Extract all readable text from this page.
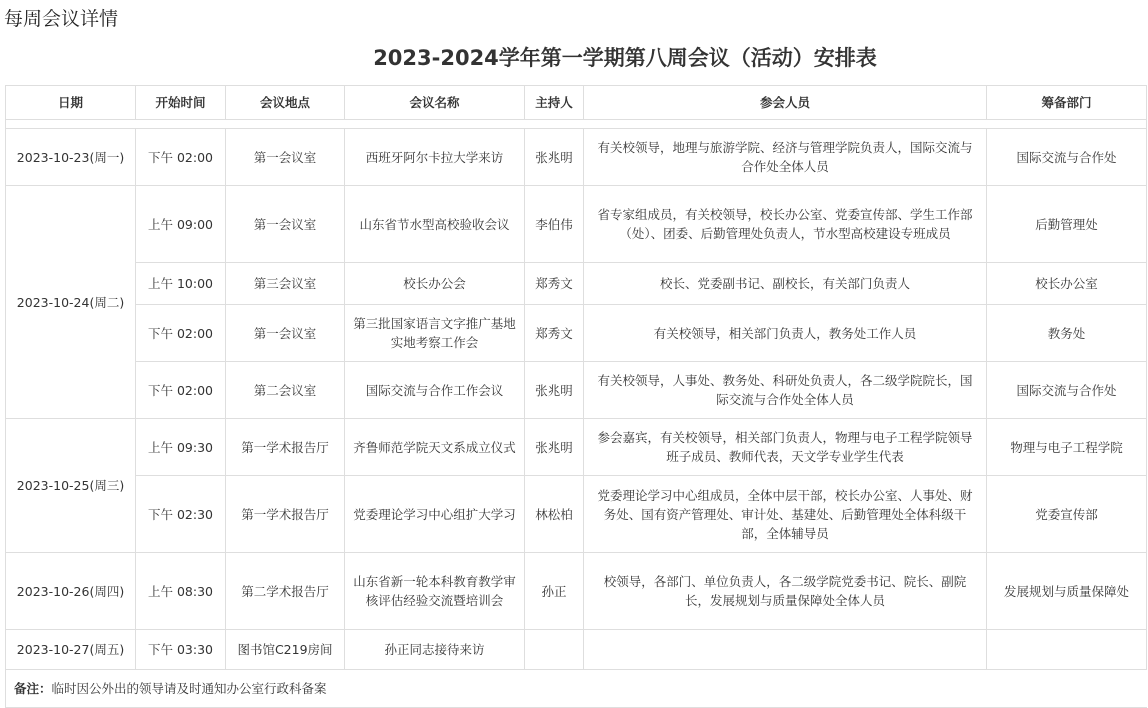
每周会议详情
2023-2024学年第一学期第八周会议（活动）安排表
日期	开始时间	会议地点	会议名称	主持人	参会人员	筹备部门

2023-10-23(周一)	下午 02:00	第一会议室	西班牙阿尔卡拉大学来访	张兆明	有关校领导，地理与旅游学院、经济与管理学院负责人，国际交流与合作处全体人员	国际交流与合作处
2023-10-24(周二)	上午 09:00	第一会议室	山东省节水型高校验收会议	李伯伟	省专家组成员，有关校领导，校长办公室、党委宣传部、学生工作部（处）、团委、后勤管理处负责人，节水型高校建设专班成员	后勤管理处
	上午 10:00	第三会议室	校长办公会	郑秀文	校长、党委副书记、副校长，有关部门负责人	校长办公室
	下午 02:00	第一会议室	第三批国家语言文字推广基地实地考察工作会	郑秀文	有关校领导，相关部门负责人，教务处工作人员	教务处
	下午 02:00	第二会议室	国际交流与合作工作会议	张兆明	有关校领导，人事处、教务处、科研处负责人，各二级学院院长，国际交流与合作处全体人员	国际交流与合作处
2023-10-25(周三)	上午 09:30	第一学术报告厅	齐鲁师范学院天文系成立仪式	张兆明	参会嘉宾，有关校领导，相关部门负责人，物理与电子工程学院领导班子成员、教师代表，天文学专业学生代表	物理与电子工程学院
	下午 02:30	第一学术报告厅	党委理论学习中心组扩大学习	林松柏	党委理论学习中心组成员，全体中层干部，校长办公室、人事处、财务处、国有资产管理处、审计处、基建处、后勤管理处全体科级干部，全体辅导员	党委宣传部
2023-10-26(周四)	上午 08:30	第二学术报告厅	山东省新一轮本科教育教学审核评估经验交流暨培训会	孙正	校领导，各部门、单位负责人，各二级学院党委书记、院长、副院长，发展规划与质量保障处全体人员	发展规划与质量保障处
2023-10-27(周五)	下午 03:30	图书馆C219房间	孙正同志接待来访			
备注：临时因公外出的领导请及时通知办公室行政科备案						
